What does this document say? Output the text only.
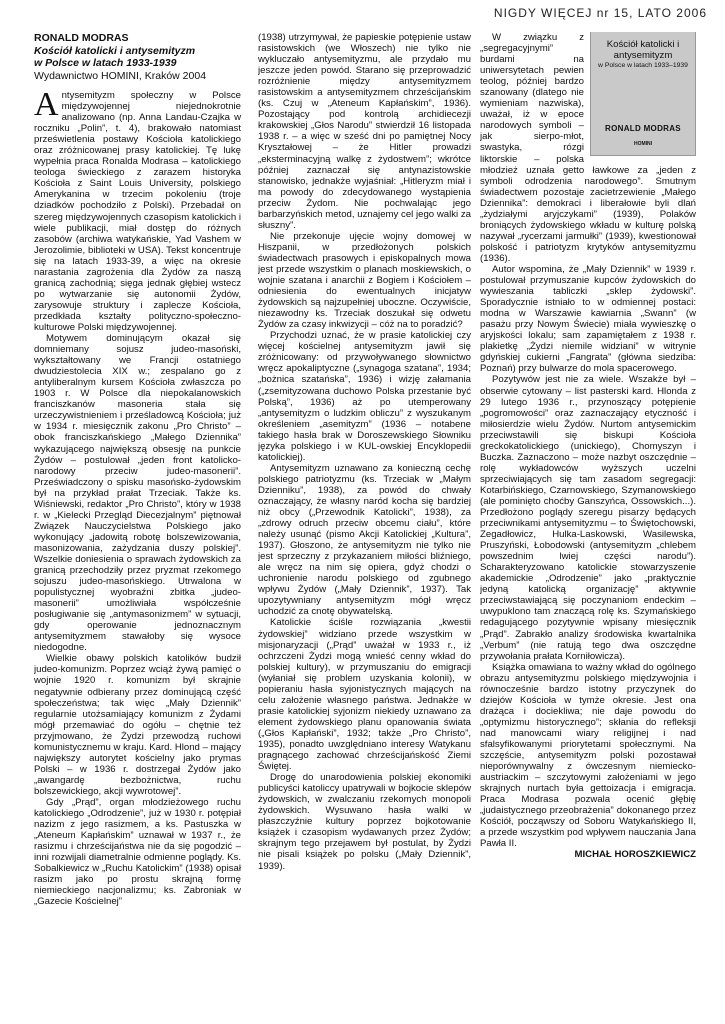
NIGDY WIĘCEJ nr 15, LATO 2006
RONALD MODRAS
Kościół katolicki i antysemityzm
w Polsce w latach 1933-1939
Wydawnictwo HOMINI, Kraków 2004

Antysemityzm społeczny w Polsce międzywojennej niejednokrotnie analizowano (np. Anna Landau-Czajka w roczniku „Polin”, t. 4), brakowało natomiast prześwietlenia postawy Kościoła katolickiego oraz zróżnicowanej prasy katolickiej. Tę lukę wypełnia praca Ronalda Modrasa – katolickiego teologa świeckiego z zarazem historyka Kościoła z Saint Louis University, polskiego Amerykanina w trzecim pokoleniu (troje dziadków pochodziło z Polski). Przebadał on szereg międzywojennych czasopism katolickich i wiele publikacji, miał dostęp do różnych zasobów (archiwa watykańskie, Yad Vashem w Jerozolimie, biblioteki w USA). Tekst koncentruje się na latach 1933-39, a więc na okresie narastania zagrożenia dla Żydów za naszą granicą zachodnią; sięga jednak głębiej wstecz po wytwarzanie się autonomii Żydów, zarysowuje struktury i zaplecze Kościoła, przedkłada kształty polityczno-społeczno-kulturowe Polski międzywojennej.

Motywem dominującym okazał się domniemany sojusz judeo-masoński, wykształtowany we Francji ostatniego dwudziestolecia XIX w.; zespalano go z antyliberalnym kursem Kościoła zwłaszcza po 1903 r. W Polsce dla niepokalanowskich franciszkanów masoneria stała się urzeczywistnieniem i prześladowcą Kościoła; już w 1934 r. miesięcznik zakonu „Pro Christo” – obok franciszkańskiego „Małego Dziennika” wykazującego największą obsesję na punkcie Żydów – postulował „jeden front katolicko-narodowy przeciw judeo-masonerii”. Przeświadczony o spisku masońsko-żydowskim był na przykład prałat Trzeciak. Także ks. Wiśniewski, redaktor „Pro Christo”, który w 1938 r. w „Kielecki Przegląd Diecezjalnym” piętnował Związek Nauczycielstwa Polskiego jako wykonujący „jadowitą robotę bolszewizowania, masonizowania, zażydzania duszy polskiej”. Wszelkie doniesienia o sprawach żydowskich za granicą przechodziły przez pryzmat rzekomego sojuszu judeo-masońskiego. Utrwalona w populistycznej wyobraźni zbitka „judeo-masonerii” umożliwiała współcześnie posługiwanie się „antymasonizmem” w sytuacji, gdy operowanie jednoznacznym antysemityzmem stawałoby się wysoce niedogodne.

Wielkie obawy polskich katolików budził judeo-komunizm. Poprzez wciąż żywą pamięć o wojnie 1920 r. komunizm był skrajnie negatywnie odbierany przez dominującą część społeczeństwa; tak więc „Mały Dziennik” regularnie utożsamiający komunizm z Żydami mógł przemawiać do ogółu – chętnie też przyjmowano, że Żydzi przewodzą ruchowi komunistycznemu w kraju. Kard. Hlond – mający największy autorytet kościelny jako prymas Polski – w 1936 r. dostrzegał Żydów jako „awangardę bezbożnictwa, ruchu bolszewickiego, akcji wywrotowej”.

Gdy „Prąd”, organ młodzieżowego ruchu katolickiego „Odrodzenie”, już w 1930 r. potępiał nazizm z jego rasizmem, a ks. Pastuszka w „Ateneum Kapłańskim” uznawał w 1937 r., że rasizmu i chrześcijaństwa nie da się pogodzić – inni rozwijali diametralnie odmienne poglądy. Ks. Sobalkiewicz w „Ruchu Katolickim” (1938) opisał rasizm jako po prostu skrajną formę niemieckiego nacjonalizmu; ks. Zabroniak w „Gazecie Kościelnej”

(1938) utrzymywał, że papieskie potępienie ustaw rasistowskich (we Włoszech) nie tylko nie wykluczało antysemityzmu, ale przydało mu jeszcze jeden powód. Starano się przeprowadzić rozróżnienie między antysemityzmem rasistowskim a antysemityzmem chrześcijańskim (ks. Czuj w „Ateneum Kapłańskim”, 1936). Pozostający pod kontrolą archidiecezji krakowskiej „Głos Narodu” stwierdził 16 listopada 1938 r. – a więc w sześć dni po pamiętnej Nocy Kryształowej – że Hitler prowadzi „eksterminacyjną walkę z żydostwem”; wkrótce później zaznaczał się antynazistowskie stanowisko, jednakże wyjaśniał: „Hitleryzm miał i ma powody do zdecydowanego wystąpienia przeciw Żydom. Nie pochwalając jego barbarzyńskich metod, uznajemy cel jego walki za słuszny”.

Nie przekonuje ujęcie wojny domowej w Hiszpanii, w przedłożonych polskich świadectwach prasowych i episkopalnych mowa jest przede wszystkim o planach moskiewskich, o wojnie szatana i anarchii z Bogiem i Kościołem – odniesienia do ewentualnych inicjatyw żydowskich są najzupełniej uboczne. Oczywiście, niezawodny ks. Trzeciak doszukał się odwetu Żydów za czasy inkwizycji – cóż na to poradzić?

Przychodzi uznać, że w prasie katolickiej czy więcej kościelnej antysemityzm jawił się zróżnicowany: od przywoływanego słownictwo wręcz apokaliptyczne („synagoga szatana”, 1934; „bożnica szatańska”, 1936) i wizję załamania („zsemityzowana duchowo Polska przestanie być Polską”, 1936) aż po utemperowany „antysemityzm o ludzkim obliczu” z wyszukanym określeniem „asemityzm” (1936 – notabene takiego hasła brak w Doroszewskiego Słowniku języka polskiego i w KUL-owskiej Encyklopedii katolickiej).

Antysemityzm uznawano za konieczną cechę polskiego patriotyzmu (ks. Trzeciak w „Małym Dzienniku”, 1938), za powód do chwały oznaczający, że własny naród kocha się bardziej niż obcy („Przewodnik Katolicki”, 1938), za „zdrowy odruch przeciw obcemu ciału”, które należy usunąć (pismo Akcji Katolickiej „Kultura”, 1937). Głoszono, że antysemityzm nie tylko nie jest sprzeczny z przykazaniem miłości bliźniego, ale wręcz na nim się opiera, gdyż chodzi o uchronienie narodu polskiego od zgubnego wpływu Żydów („Mały Dziennik”, 1937). Tak upozytywniany antysemityzm mógł wręcz uchodzić za cnotę obywatelską.

Katolickie ściśle rozwiązania „kwestii żydowskiej” widziano przede wszystkim w misjonaryzacji („Prąd” uważał w 1933 r., iż ochrzczeni Żydzi mogą wnieść cenny wkład do polskiej kultury), w przymuszaniu do emigracji (wyłaniał się problem uzyskania kolonii), w popieraniu hasła syjonistycznych mających na celu założenie własnego państwa. Jednakże w prasie katolickiej syjonizm niekiedy uznawano za element żydowskiego planu opanowania świata („Głos Kapłański”, 1932; także „Pro Christo”, 1935), ponadto uwzględniano interesy Watykanu pragnącego zachować chrześcijańskość Ziemi Świętej.

Drogę do unarodowienia polskiej ekonomiki publicyści katoliccy upatrywali w bojkocie sklepów żydowskich, w zwalczaniu rzekomych monopoli żydowskich. Wysuwano hasła walki w płaszczyźnie kultury poprzez bojkotowanie książek i czasopism wydawanych przez Żydów; skrajnym tego przejawem był postulat, by Żydzi nie pisali książek po polsku („Mały Dziennik”, 1939).

Kościół katolicki i antysemityzm
w Polsce w latach 1933–1939
RONALD MODRAS
HOMINI

W związku z „segregacyjnymi” burdami na uniwersytetach pewien teolog, później bardzo szanowany (dlatego nie wymieniam nazwiska), uważał, iż w epoce narodowych symboli – jak sierpo-młot, swastyka, rózgi liktorskie – polska młodzież uznała getto ławkowe za „jeden z symboli odrodzenia narodowego”. Smutnym świadectwem pozostaje zacietrzewienie „Małego Dziennika”: demokraci i liberałowie byli dlań „żydziałymi aryjczykami” (1939), Polaków broniących żydowskiego wkładu w kulturę polską nazywał „rycerzami jarmułki” (1939), kwestionował polskość i patriotyzm krytyków antysemityzmu (1936).

Autor wspomina, że „Mały Dziennik” w 1939 r. postulował przymuszanie kupców żydowskich do wywieszania tabliczki „sklep żydowski”. Sporadycznie istniało to w odmiennej postaci: modna w Warszawie kawiarnia „Swann” (w pasażu przy Nowym Świecie) miała wywieszkę o aryjskości lokalu; sam zapamiętałem z 1938 r. plakietkę „Żydzi niemile widziani” w witrynie gdyńskiej cukierni „Fangrata” (główna siedziba: Poznań) przy bulwarze do mola spacerowego.

Pozytywów jest nie za wiele. Wszakże był – obserwie cytowany – list pasterski kard. Hlonda z 29 lutego 1936 r., przynoszący potępienie „pogromowości” oraz zaznaczający etyczność i miłosierdzie wielu Żydów. Nurtom antysemickim przeciwstawili się biskupi Kościoła greckokatolickiego (unickiego), Chomyszyn i Buczka. Zaznaczono – może nazbyt oszczędnie – rolę wykładowców wyższych uczelni sprzeciwiających się tam zasadom segregacji: Kotarbińskiego, Czarnowskiego, Szymanowskiego (ale pominięto choćby Ganszyńca, Ossowskich...). Przedłożono poglądy szeregu pisarzy będących przeciwnikami antysemityzmu – to Świętochowski, Zegadłowicz, Hulka-Laskowski, Wasilewska, Pruszyński, Łobodowski (antysemityzm „chlebem powszednim lwiej części narodu”). Scharakteryzowano katolickie stowarzyszenie akademickie „Odrodzenie” jako „praktycznie jedyną katolicką organizację” aktywnie przeciwstawiającą się poczynaniom endeckim – uwypuklono tam znaczącą rolę ks. Szymańskiego redagującego pozytywnie wpisany miesięcznik „Prąd”. Zabrakło analizy środowiska kwartalnika „Verbum” (nie ratują tego dwa oszczędne przywołania prałata Korniłowicza).

Książka omawiana to ważny wkład do ogólnego obrazu antysemityzmu polskiego międzywojnia i równocześnie bardzo istotny przyczynek do dziejów Kościoła w tymże okresie. Jest ona drażąca i dociekliwa; nie daje powodu do „optymizmu historycznego”; skłania do refleksji nad manowcami wiary religijnej i nad sfalsyfikowanymi priorytetami społecznymi. Na szczęście, antysemityzm polski pozostawał nieporównywalny z ówczesnym niemiecko-austriackim – szczytowymi założeniami w jego skrajnych nurtach była gettoizacja i emigracja. Praca Modrasa pozwala ocenić głębię „judaistycznego przeobrażenia” dokonanego przez Kościół, począwszy od Soboru Watykańskiego II, a przede wszystkim pod wpływem nauczania Jana Pawła II.

MICHAŁ HOROSZKIEWICZ
